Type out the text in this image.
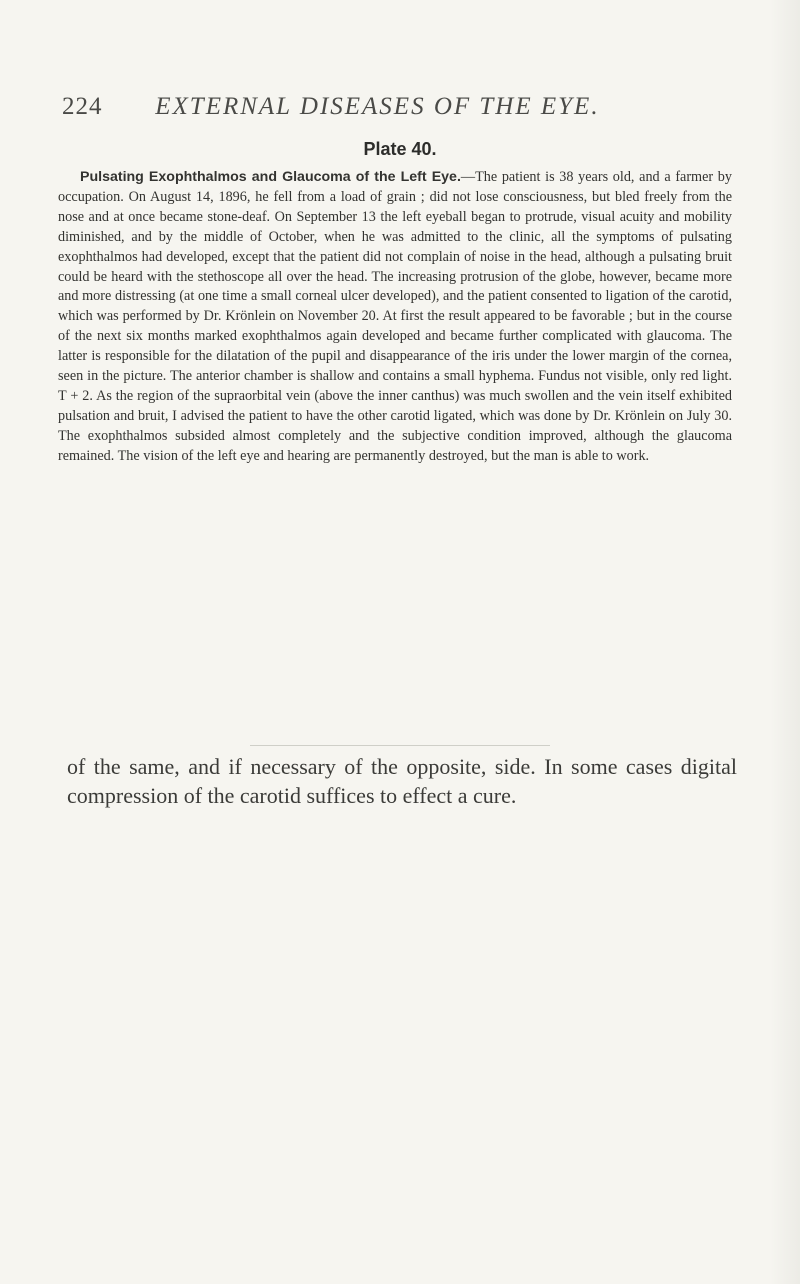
224 EXTERNAL DISEASES OF THE EYE.
Plate 40.

Pulsating Exophthalmos and Glaucoma of the Left Eye.—The patient is 38 years old, and a farmer by occupation. On August 14, 1896, he fell from a load of grain ; did not lose consciousness, but bled freely from the nose and at once became stone-deaf. On September 13 the left eyeball began to protrude, visual acuity and mobility diminished, and by the middle of October, when he was admitted to the clinic, all the symptoms of pulsating exophthalmos had developed, except that the patient did not complain of noise in the head, although a pulsating bruit could be heard with the stethoscope all over the head. The increasing protrusion of the globe, however, became more and more distressing (at one time a small corneal ulcer developed), and the patient consented to ligation of the carotid, which was performed by Dr. Krönlein on November 20. At first the result appeared to be favorable ; but in the course of the next six months marked exophthalmos again developed and became further complicated with glaucoma. The latter is responsible for the dilatation of the pupil and disappearance of the iris under the lower margin of the cornea, seen in the picture. The anterior chamber is shallow and contains a small hyphema. Fundus not visible, only red light. T + 2. As the region of the supraorbital vein (above the inner canthus) was much swollen and the vein itself exhibited pulsation and bruit, I advised the patient to have the other carotid ligated, which was done by Dr. Krönlein on July 30. The exophthalmos subsided almost completely and the subjective condition improved, although the glaucoma remained. The vision of the left eye and hearing are permanently destroyed, but the man is able to work.

of the same, and if necessary of the opposite, side. In some cases digital compression of the carotid suffices to effect a cure.
